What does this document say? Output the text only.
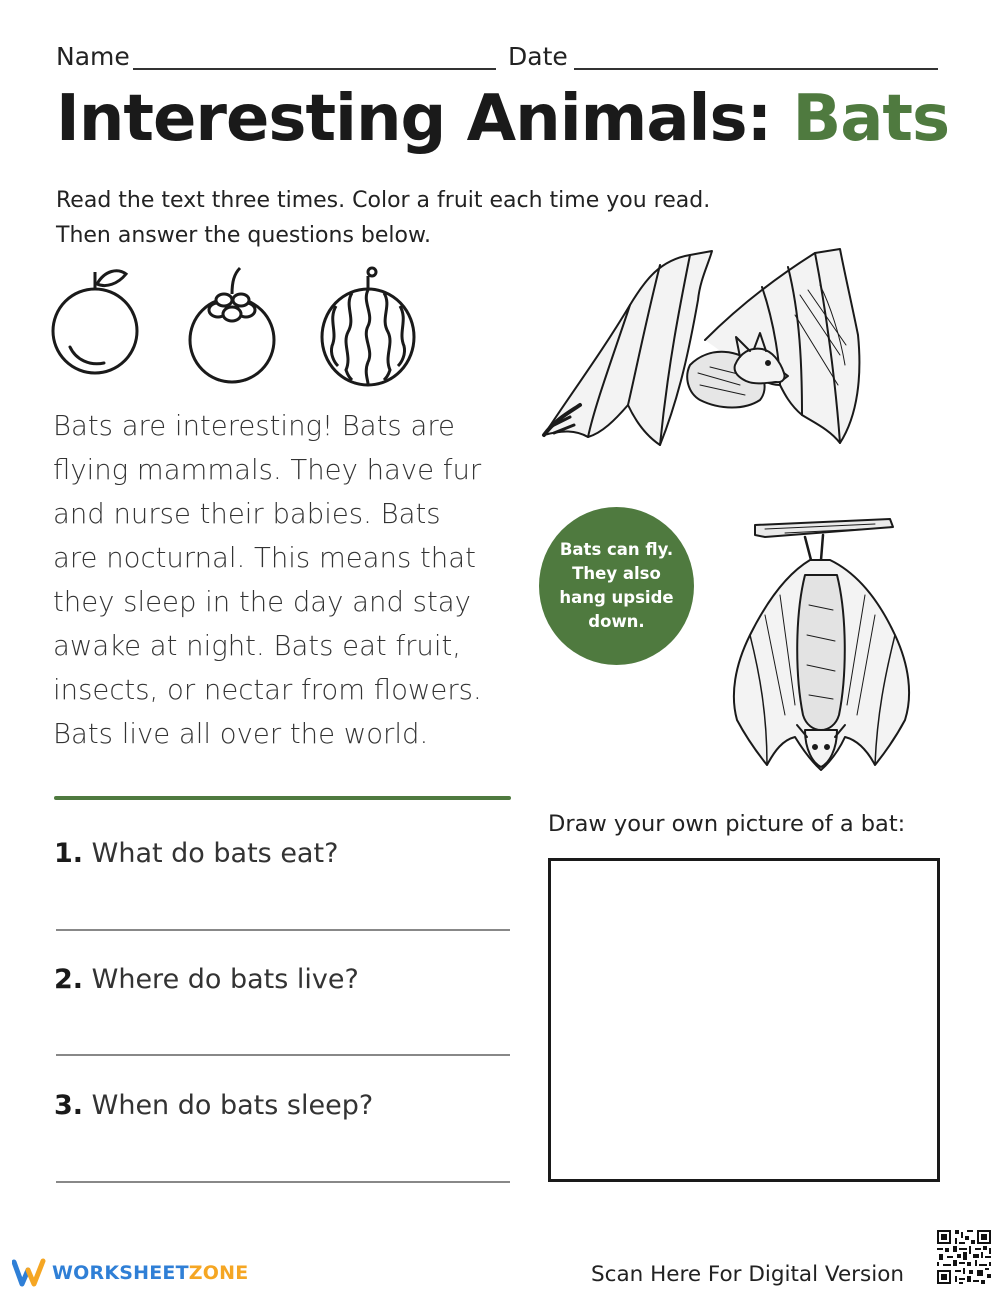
Name	Date
Interesting Animals: Bats
Read the text three times. Color a fruit each time you read.
Then answer the questions below.
Bats are interesting! Bats are
flying mammals. They have fur
and nurse their babies. Bats
are nocturnal. This means that
they sleep in the day and stay
awake at night. Bats eat fruit,
insects, or nectar from flowers.
Bats live all over the world.
Bats can fly. They also hang upside down.
1. What do bats eat?
2. Where do bats live?
3. When do bats sleep?
Draw your own picture of a bat:
WORKSHEETZONE	Scan Here For Digital Version
